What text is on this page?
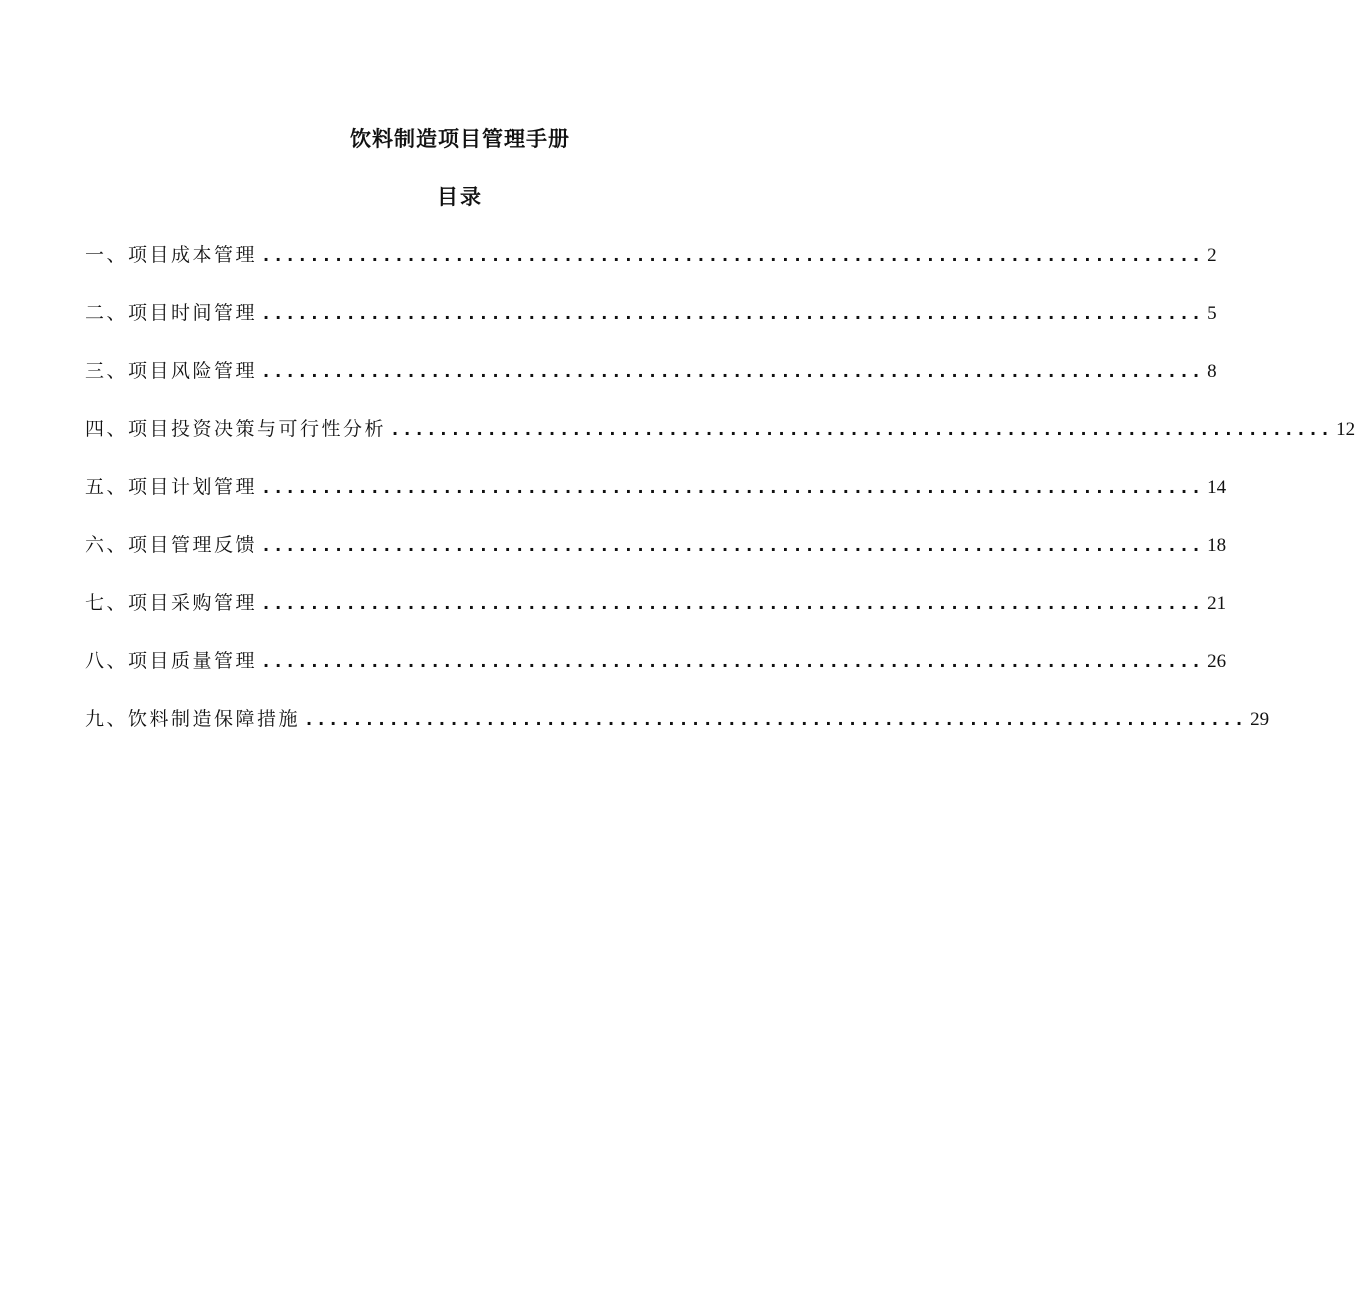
饮料制造项目管理手册
目录
一、项目成本管理 .............................................................................. 2
二、项目时间管理 .............................................................................. 5
三、项目风险管理 .............................................................................. 8
四、项目投资决策与可行性分析 .............................................................................. 12
五、项目计划管理 .............................................................................. 14
六、项目管理反馈 .............................................................................. 18
七、项目采购管理 .............................................................................. 21
八、项目质量管理 .............................................................................. 26
九、饮料制造保障措施 .............................................................................. 29
